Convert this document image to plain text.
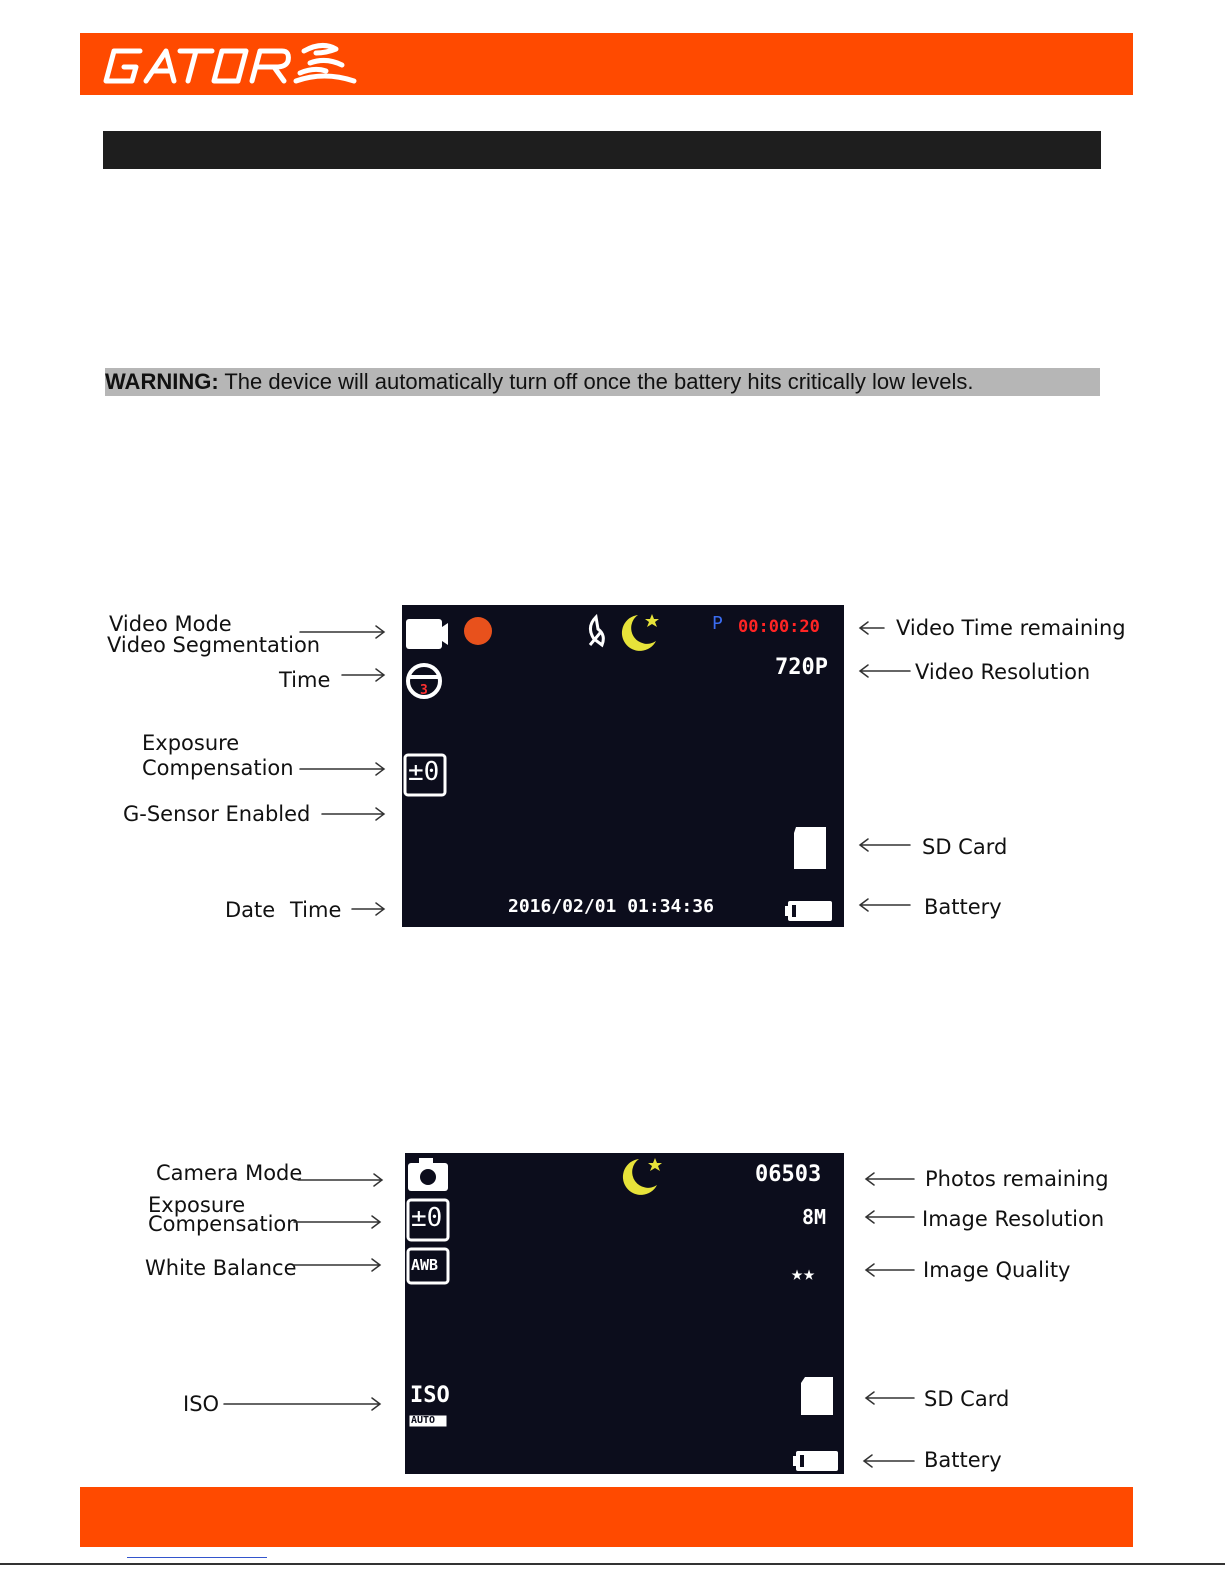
WARNING: The device will automatically turn off once the battery hits critically low levels.
P 00:00:20
720P
3
±0
2016/02/01 01:34:36
Video Mode
Video Segmentation
Time
Exposure
Compensation
G-Sensor Enabled
Date Time
Video Time remaining
Video Resolution
SD Card
Battery
06503
8M
★★
±0
AWB
ISO
AUTO
Camera Mode
Exposure
Compensation
White Balance
ISO
Photos remaining
Image Resolution
Image Quality
SD Card
Battery
